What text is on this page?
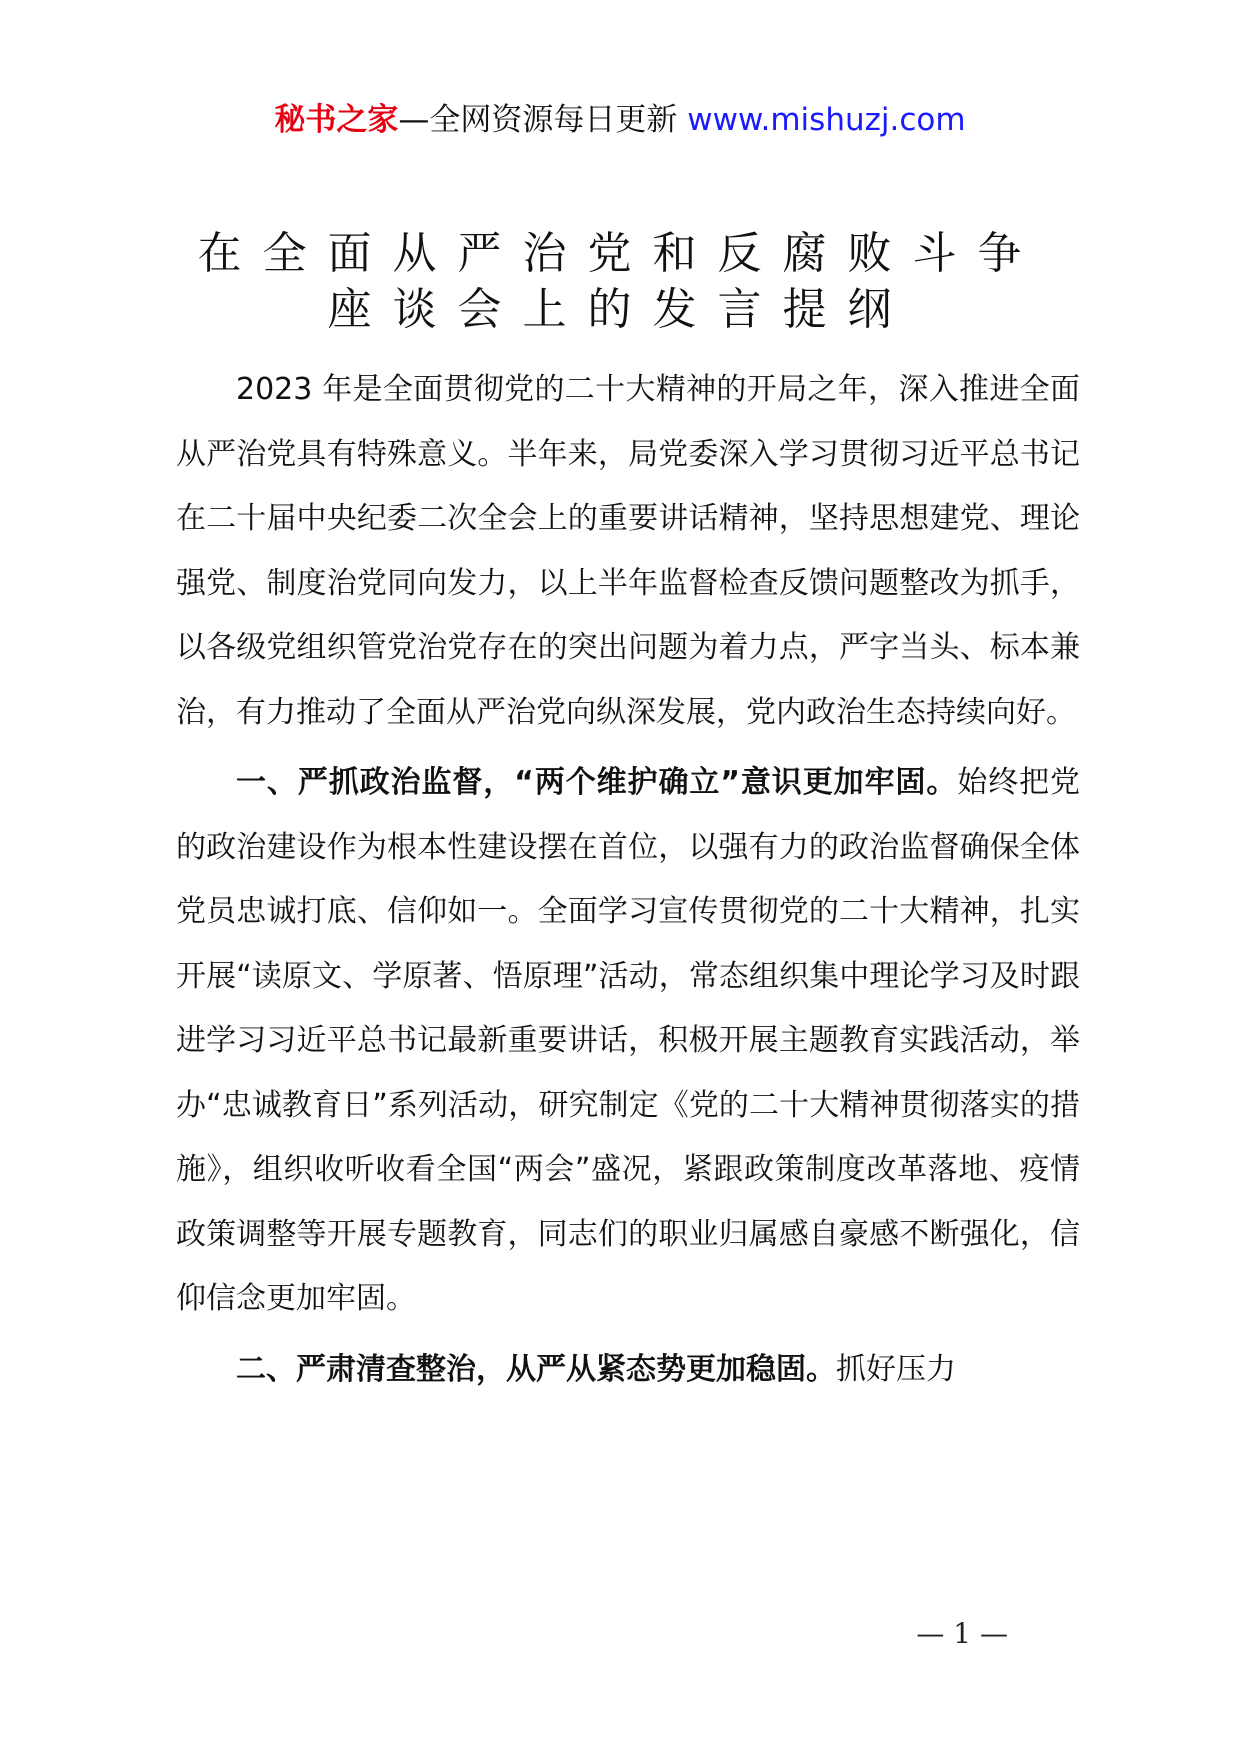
秘书之家—全网资源每日更新 www.mishuzj.com
在全面从严治党和反腐败斗争
座谈会上的发言提纲

2023 年是全面贯彻党的二十大精神的开局之年，深入推进全面从严治党具有特殊意义。半年来，局党委深入学习贯彻习近平总书记在二十届中央纪委二次全会上的重要讲话精神，坚持思想建党、理论强党、制度治党同向发力，以上半年监督检查反馈问题整改为抓手，以各级党组织管党治党存在的突出问题为着力点，严字当头、标本兼治，有力推动了全面从严治党向纵深发展，党内政治生态持续向好。

一、严抓政治监督，“两个维护确立”意识更加牢固。始终把党的政治建设作为根本性建设摆在首位，以强有力的政治监督确保全体党员忠诚打底、信仰如一。全面学习宣传贯彻党的二十大精神，扎实开展“读原文、学原著、悟原理”活动，常态组织集中理论学习及时跟进学习习近平总书记最新重要讲话，积极开展主题教育实践活动，举办“忠诚教育日”系列活动，研究制定《党的二十大精神贯彻落实的措施》，组织收听收看全国“两会”盛况，紧跟政策制度改革落地、疫情政策调整等开展专题教育，同志们的职业归属感自豪感不断强化，信仰信念更加牢固。

二、严肃清查整治，从严从紧态势更加稳固。抓好压力

— 1 —
